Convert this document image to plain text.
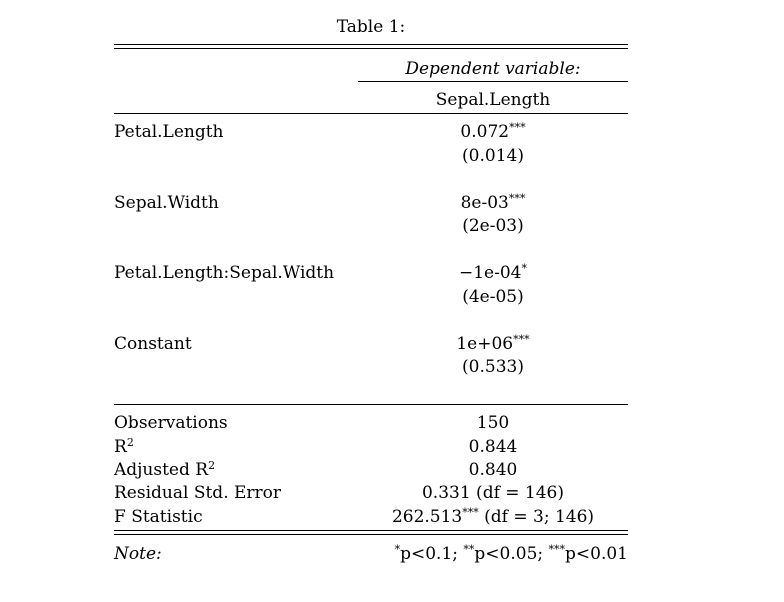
Table 1:
Dependent variable:
Sepal.Length
Petal.Length	0.072***
(0.014)
Sepal.Width	8e-03***
(2e-03)
Petal.Length:Sepal.Width	−1e-04*
(4e-05)
Constant	1e+06***
(0.533)
Observations	150
$R^2$	0.844
Adjusted $R^2$	0.840
Residual Std. Error	0.331 (df = 146)
F Statistic	262.513*** (df = 3; 146)
Note:	*p<0.1; **p<0.05; ***p<0.01
